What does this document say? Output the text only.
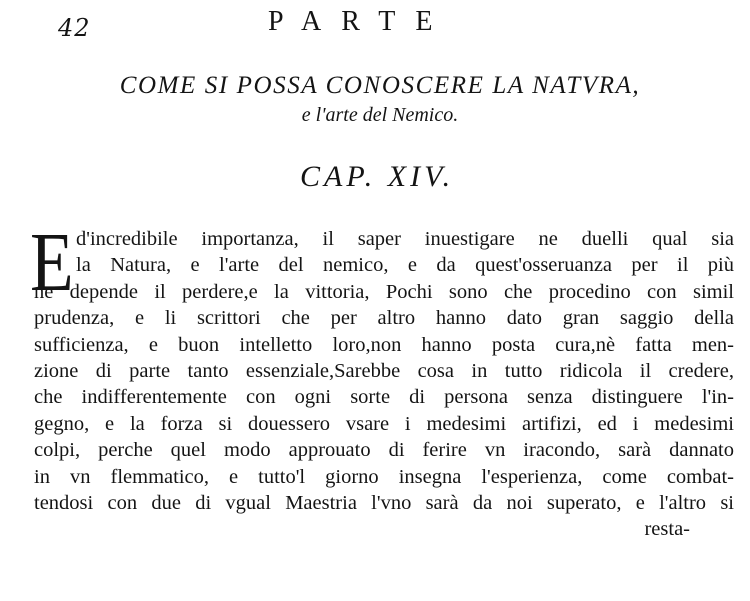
42	PARTE
COME SI POSSA CONOSCERE LA NATVRA,
e l'arte del Nemico.
CAP. XIV.
E d'incredibile importanza, il saper inuestigare ne duelli qual sia
la Natura, e l'arte del nemico, e da quest'osseruanza per il più
ne depende il perdere,e la vittoria, Pochi sono che procedino con simil
prudenza, e li scrittori che per altro hanno dato gran saggio della
sufficienza, e buon intelletto loro,non hanno posta cura,nè fatta men-
zione di parte tanto essenziale,Sarebbe cosa in tutto ridicola il credere,
che indifferentemente con ogni sorte di persona senza distinguere l'in-
gegno, e la forza si douessero vsare i medesimi artifizi, ed i medesimi
colpi, perche quel modo approuato di ferire vn iracondo, sarà dannato
in vn flemmatico, e tutto'l giorno insegna l'esperienza, come combat-
tendosi con due di vgual Maestria l'vno sarà da noi superato, e l'altro si
resta-
